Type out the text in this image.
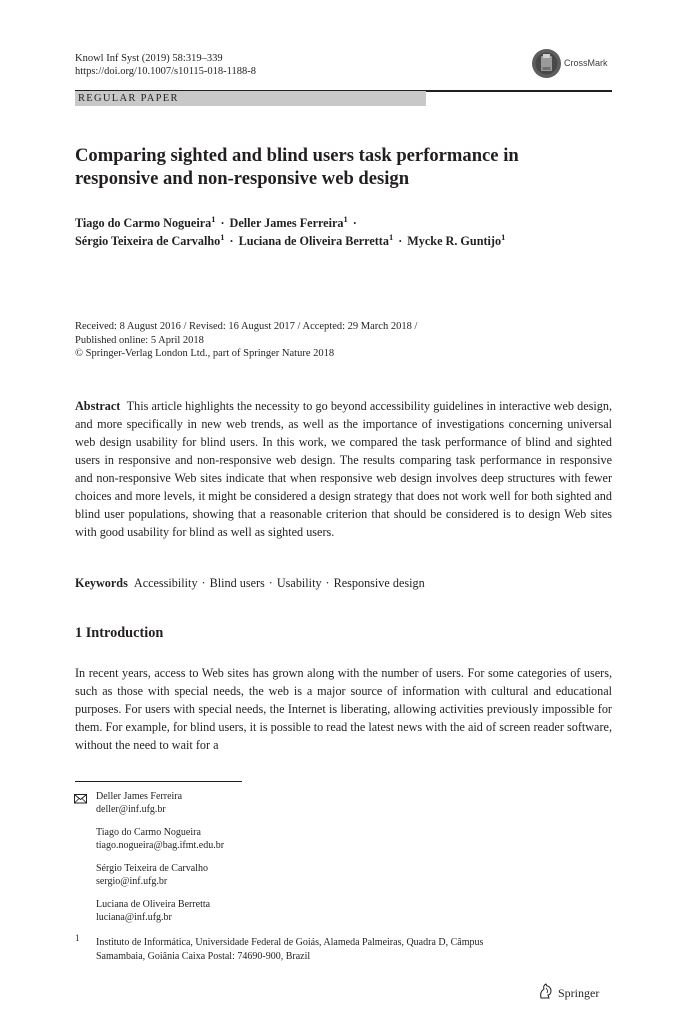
Knowl Inf Syst (2019) 58:319–339
https://doi.org/10.1007/s10115-018-1188-8
CrossMark
REGULAR PAPER
Comparing sighted and blind users task performance in
responsive and non-responsive web design
Tiago do Carmo Nogueira$^1$ · Deller James Ferreira$^1$ ·
Sérgio Teixeira de Carvalho$^1$ · Luciana de Oliveira Berretta$^1$ · Mycke R. Guntijo$^1$
Received: 8 August 2016 / Revised: 16 August 2017 / Accepted: 29 March 2018 /
Published online: 5 April 2018
© Springer-Verlag London Ltd., part of Springer Nature 2018
Abstract This article highlights the necessity to go beyond accessibility guidelines in interactive web design, and more specifically in new web trends, as well as the importance of investigations concerning universal web design usability for blind users. In this work, we compared the task performance of blind and sighted users in responsive and non-responsive web design. The results comparing task performance in responsive and non-responsive Web sites indicate that when responsive web design involves deep structures with fewer choices and more levels, it might be considered a design strategy that does not work well for both sighted and blind user populations, showing that a reasonable criterion that should be considered is to design Web sites with good usability for blind as well as sighted users.
Keywords Accessibility · Blind users · Usability · Responsive design
1 Introduction
In recent years, access to Web sites has grown along with the number of users. For some categories of users, such as those with special needs, the web is a major source of information with cultural and educational purposes. For users with special needs, the Internet is liberating, allowing activities previously impossible for them. For example, for blind users, it is possible to read the latest news with the aid of screen reader software, without the need to wait for a
Deller James Ferreira
deller@inf.ufg.br
Tiago do Carmo Nogueira
tiago.nogueira@bag.ifmt.edu.br
Sérgio Teixeira de Carvalho
sergio@inf.ufg.br
Luciana de Oliveira Berretta
luciana@inf.ufg.br
1 Instituto de Informática, Universidade Federal de Goiás, Alameda Palmeiras, Quadra D, Câmpus
Samambaia, Goiânia Caixa Postal: 74690-900, Brazil
Springer
